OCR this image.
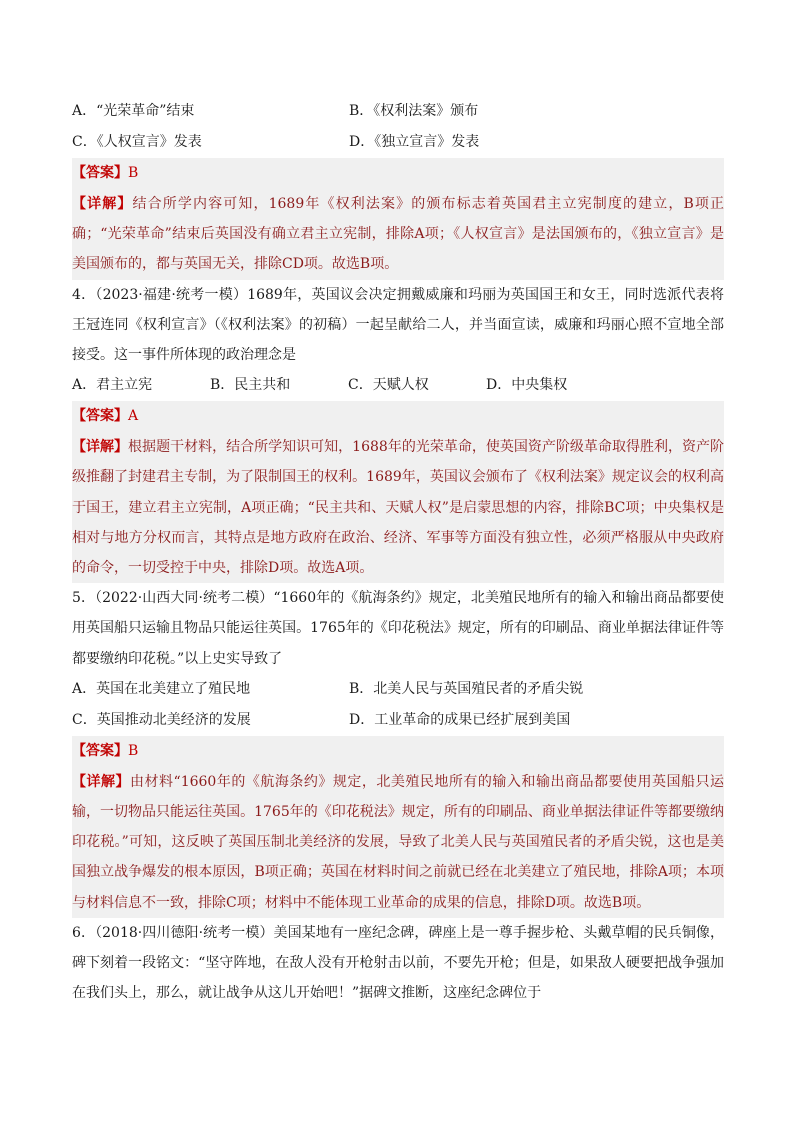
A．“光荣革命”结束	B．《权利法案》颁布
C．《人权宣言》发表	D．《独立宣言》发表
【答案】B

【详解】结合所学内容可知，1689年《权利法案》的颁布标志着英国君主立宪制度的建立，B项正确；“光荣革命”结束后英国没有确立君主立宪制，排除A项；《人权宣言》是法国颁布的，《独立宣言》是美国颁布的，都与英国无关，排除CD项。故选B项。

4．（2023·福建·统考一模）1689年，英国议会决定拥戴威廉和玛丽为英国国王和女王，同时选派代表将王冠连同《权利宣言》（《权利法案》的初稿）一起呈献给二人，并当面宣读，威廉和玛丽心照不宣地全部接受。这一事件所体现的政治理念是

A．君主立宪	B．民主共和	C．天赋人权	D．中央集权
【答案】A

【详解】根据题干材料，结合所学知识可知，1688年的光荣革命，使英国资产阶级革命取得胜利，资产阶级推翻了封建君主专制，为了限制国王的权利。1689年，英国议会颁布了《权利法案》规定议会的权利高于国王，建立君主立宪制，A项正确；“民主共和、天赋人权”是启蒙思想的内容，排除BC项；中央集权是相对与地方分权而言，其特点是地方政府在政治、经济、军事等方面没有独立性，必须严格服从中央政府的命令，一切受控于中央，排除D项。故选A项。

5．（2022·山西大同·统考二模）“1660年的《航海条约》规定，北美殖民地所有的输入和输出商品都要使用英国船只运输且物品只能运往英国。1765年的《印花税法》规定，所有的印刷品、商业单据法律证件等都要缴纳印花税。”以上史实导致了

A．英国在北美建立了殖民地	B．北美人民与英国殖民者的矛盾尖锐
C．英国推动北美经济的发展	D．工业革命的成果已经扩展到美国
【答案】B

【详解】由材料“1660年的《航海条约》规定，北美殖民地所有的输入和输出商品都要使用英国船只运输，一切物品只能运往英国。1765年的《印花税法》规定，所有的印刷品、商业单据法律证件等都要缴纳印花税。”可知，这反映了英国压制北美经济的发展，导致了北美人民与英国殖民者的矛盾尖锐，这也是美国独立战争爆发的根本原因，B项正确；英国在材料时间之前就已经在北美建立了殖民地，排除A项；本项与材料信息不一致，排除C项；材料中不能体现工业革命的成果的信息，排除D项。故选B项。

6．（2018·四川德阳·统考一模）美国某地有一座纪念碑，碑座上是一尊手握步枪、头戴草帽的民兵铜像，碑下刻着一段铭文：“坚守阵地，在敌人没有开枪射击以前，不要先开枪；但是，如果敌人硬要把战争强加在我们头上，那么，就让战争从这儿开始吧！”据碑文推断，这座纪念碑位于
